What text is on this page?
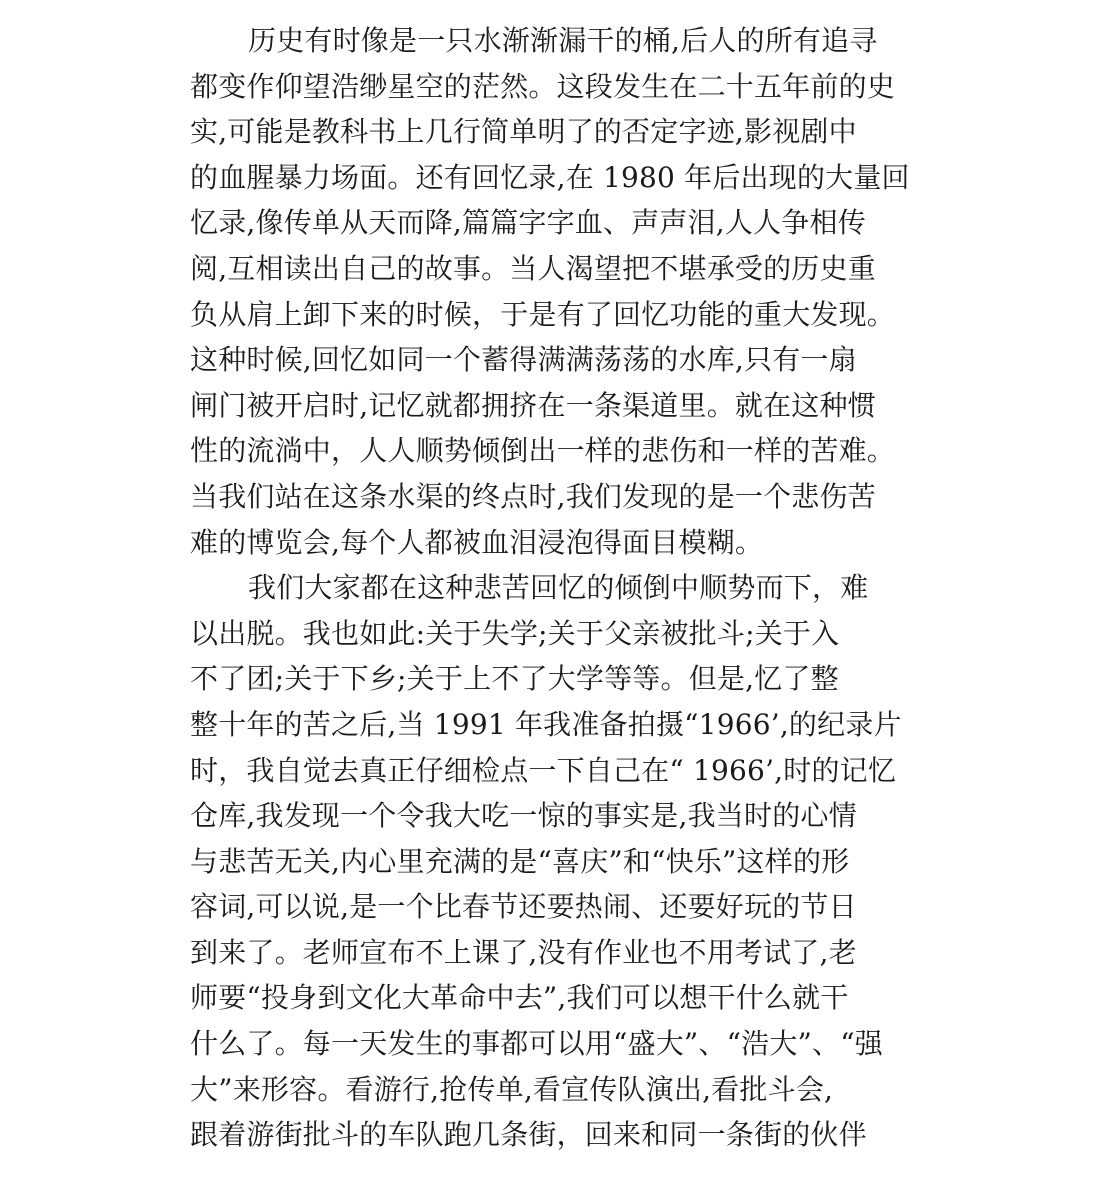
历史有时像是一只水渐渐漏干的桶,后人的所有追寻
都变作仰望浩缈星空的茫然。这段发生在二十五年前的史
实,可能是教科书上几行简单明了的否定字迹,影视剧中
的血腥暴力场面。还有回忆录,在 1980 年后出现的大量回
忆录,像传单从天而降,篇篇字字血、声声泪,人人争相传
阅,互相读出自己的故事。当人渴望把不堪承受的历史重
负从肩上卸下来的时候，于是有了回忆功能的重大发现。
这种时候,回忆如同一个蓄得满满荡荡的水库,只有一扇
闸门被开启时,记忆就都拥挤在一条渠道里。就在这种惯
性的流淌中，人人顺势倾倒出一样的悲伤和一样的苦难。
当我们站在这条水渠的终点时,我们发现的是一个悲伤苦
难的博览会,每个人都被血泪浸泡得面目模糊。
我们大家都在这种悲苦回忆的倾倒中顺势而下，难
以出脱。我也如此:关于失学;关于父亲被批斗;关于入
不了团;关于下乡;关于上不了大学等等。但是,忆了整
整十年的苦之后,当 1991 年我准备拍摄“1966’,的纪录片
时，我自觉去真正仔细检点一下自己在“ 1966’,时的记忆
仓库,我发现一个令我大吃一惊的事实是,我当时的心情
与悲苦无关,内心里充满的是“喜庆”和“快乐”这样的形
容词,可以说,是一个比春节还要热闹、还要好玩的节日
到来了。老师宣布不上课了,没有作业也不用考试了,老
师要“投身到文化大革命中去”,我们可以想干什么就干
什么了。每一天发生的事都可以用“盛大”、“浩大”、“强
大”来形容。看游行,抢传单,看宣传队演出,看批斗会,
跟着游街批斗的车队跑几条街，回来和同一条街的伙伴
